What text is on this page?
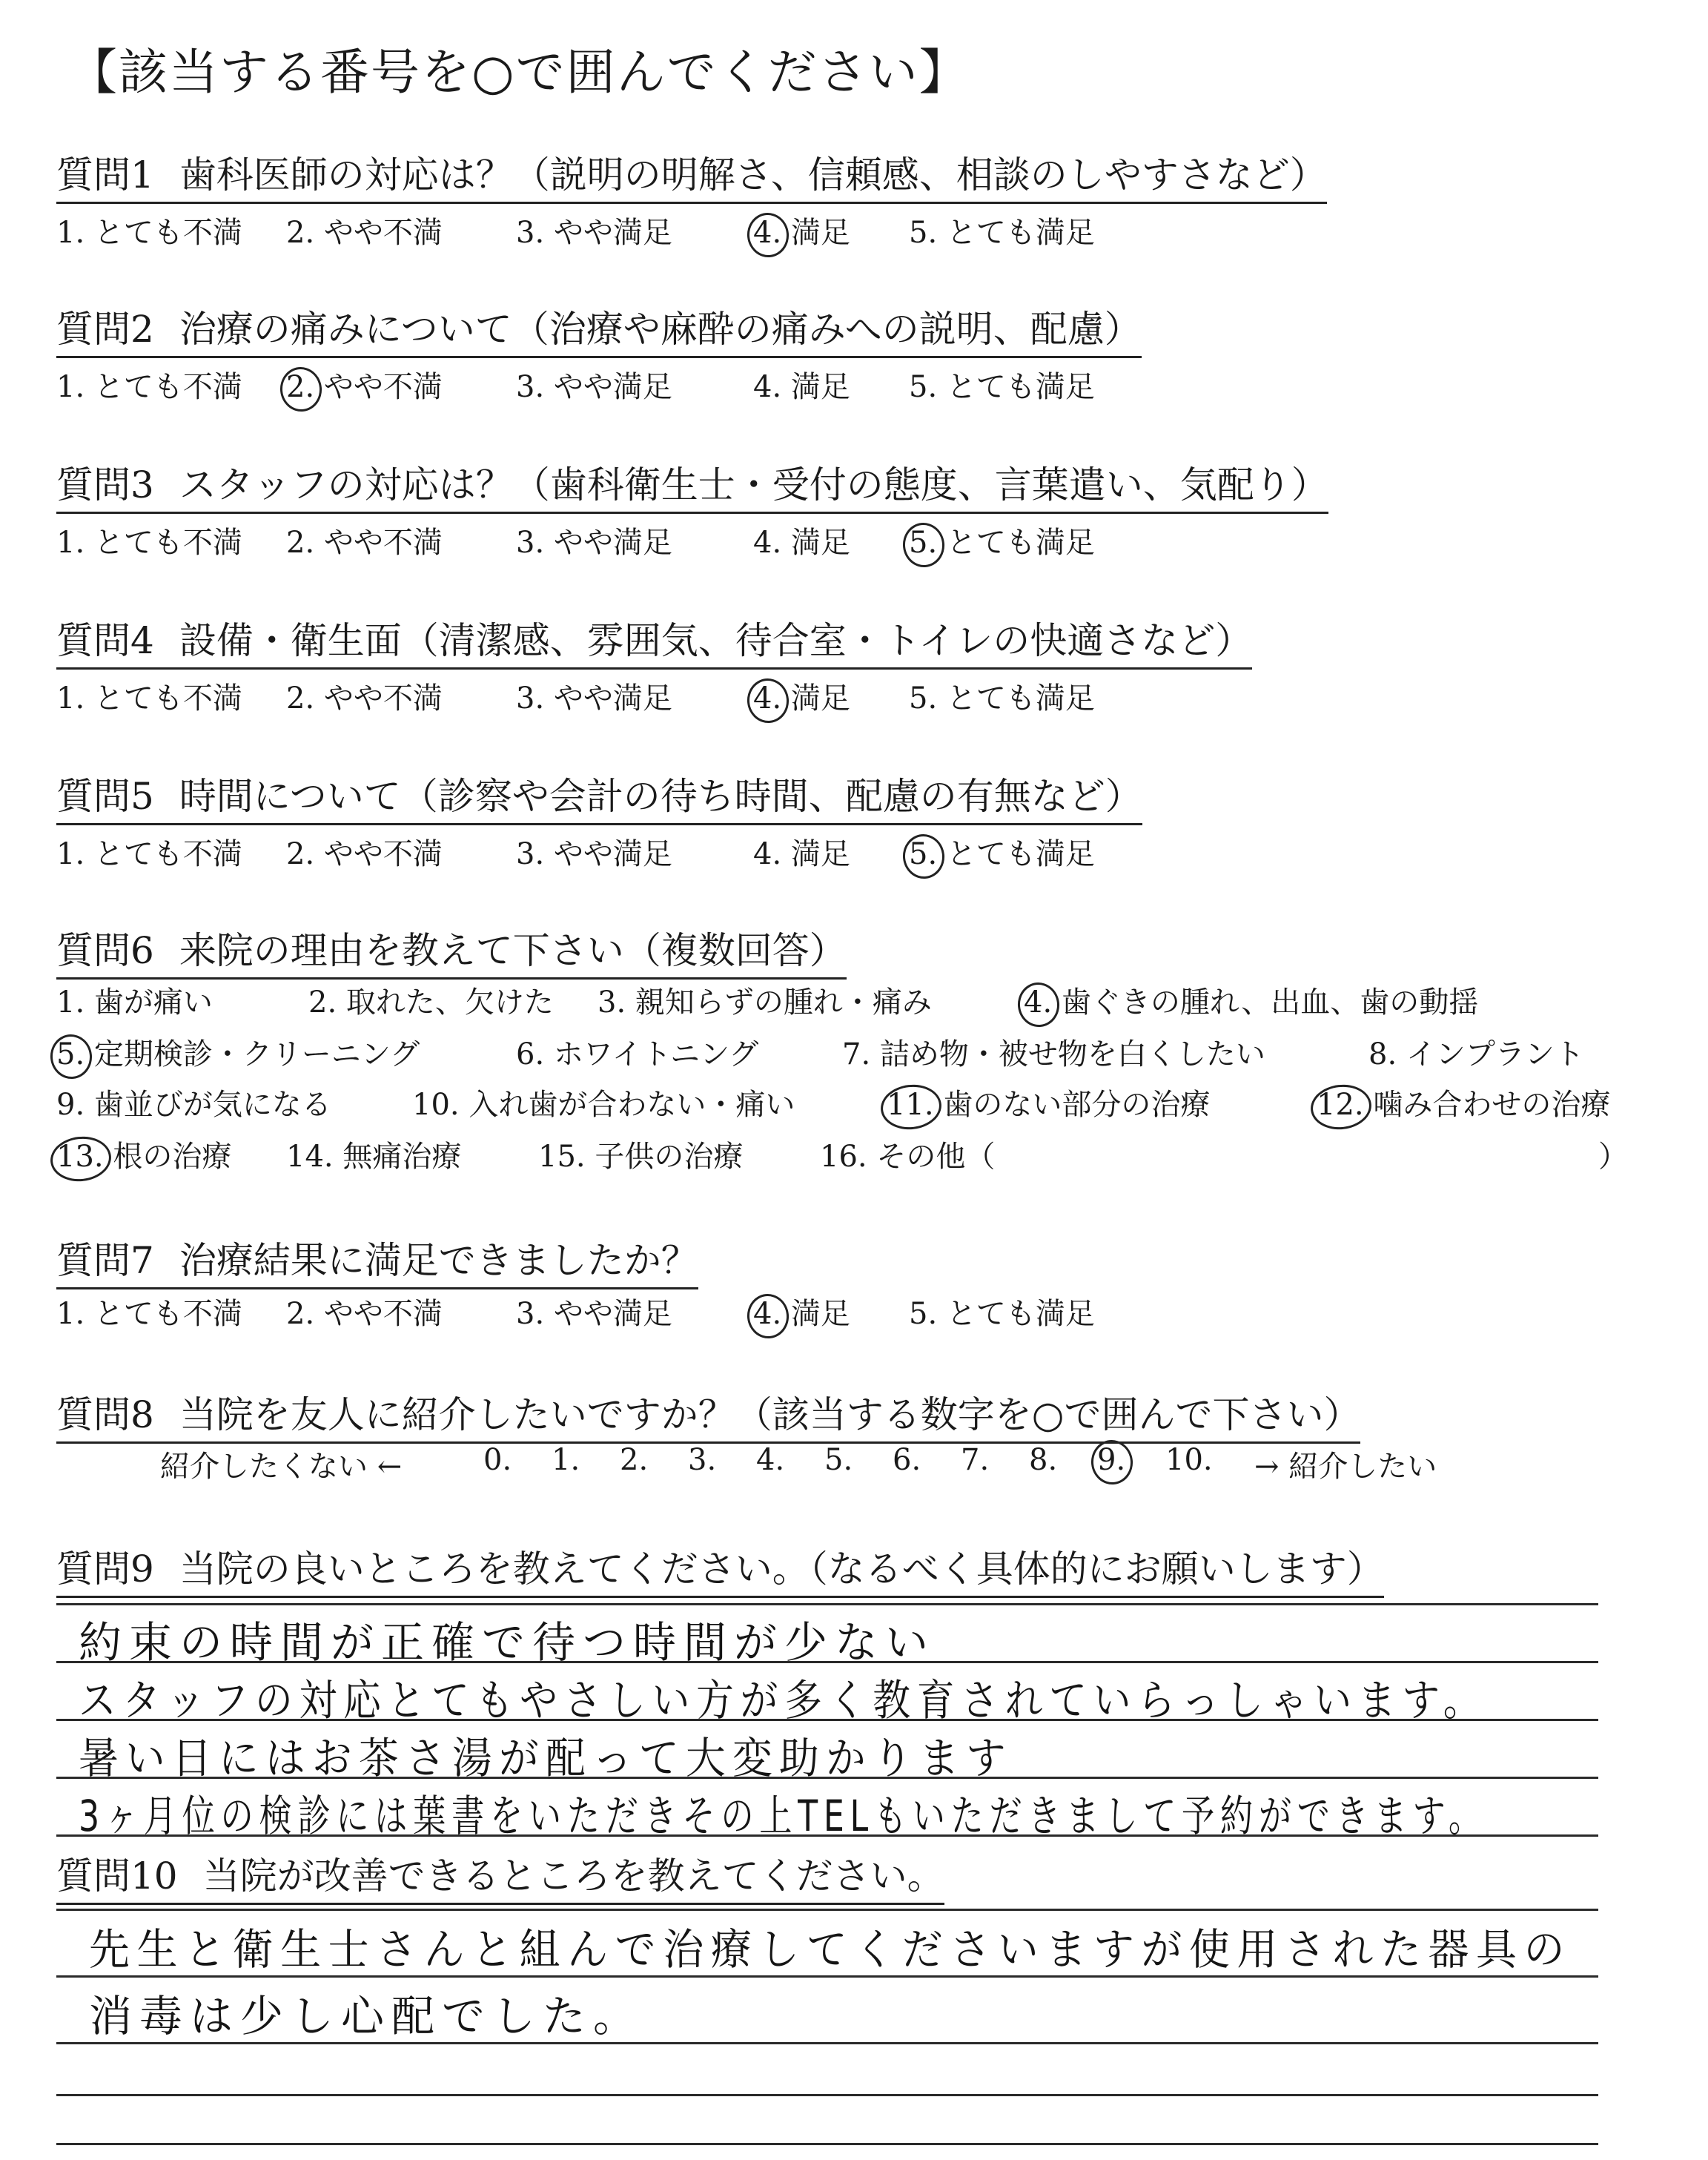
【該当する番号を○で囲んでください】
質問1 歯科医師の対応は？（説明の明解さ、信頼感、相談のしやすさなど）
1. とても不満 2. やや不満 3. やや満足	4. 満足 5. とても満足
質問2 治療の痛みについて（治療や麻酔の痛みへの説明、配慮）
1. とても不満 2. やや不満 3. やや満足	4. 満足 5. とても満足
質問3 スタッフの対応は？（歯科衛生士・受付の態度、言葉遣い、気配り）
1. とても不満 2. やや不満 3. やや満足	4. 満足 5. とても満足
質問4 設備・衛生面（清潔感、雰囲気、待合室・トイレの快適さなど）
1. とても不満 2. やや不満 3. やや満足	4. 満足 5. とても満足
質問5 時間について（診察や会計の待ち時間、配慮の有無など）
1. とても不満 2. やや不満 3. やや満足	4. 満足 5. とても満足
質問6 来院の理由を教えて下さい（複数回答）
1. 歯が痛い	2. 取れた、欠けた 3. 親知らずの腫れ・痛み	4. 歯ぐきの腫れ、出血、歯の動揺
5. 定期検診・クリーニング	6. ホワイトニング	7. 詰め物・被せ物を白くしたい	8. インプラント
9. 歯並びが気になる	10. 入れ歯が合わない・痛い	11. 歯のない部分の治療	12. 噛み合わせの治療
13. 根の治療 14. 無痛治療	15. 子供の治療	16. その他（	）
質問7 治療結果に満足できましたか？
1. とても不満 2. やや不満 3. やや満足	4. 満足 5. とても満足
質問8 当院を友人に紹介したいですか？（該当する数字を○で囲んで下さい）
紹介したくない ←	0. 1. 2. 3. 4. 5. 6. 7. 8. 9. 10. → 紹介したい
質問9 当院の良いところを教えてください。（なるべく具体的にお願いします）
約束の時間が正確で待つ時間が少ない
スタッフの対応とてもやさしい方が多く教育されていらっしゃいます。
暑い日にはお茶さ湯が配って大変助かります
3ヶ月位の検診には葉書をいただきその上TELもいただきまして予約ができます。
質問10 当院が改善できるところを教えてください。
先生と衛生士さんと組んで治療してくださいますが使用された器具の
消毒は少し心配でした。
